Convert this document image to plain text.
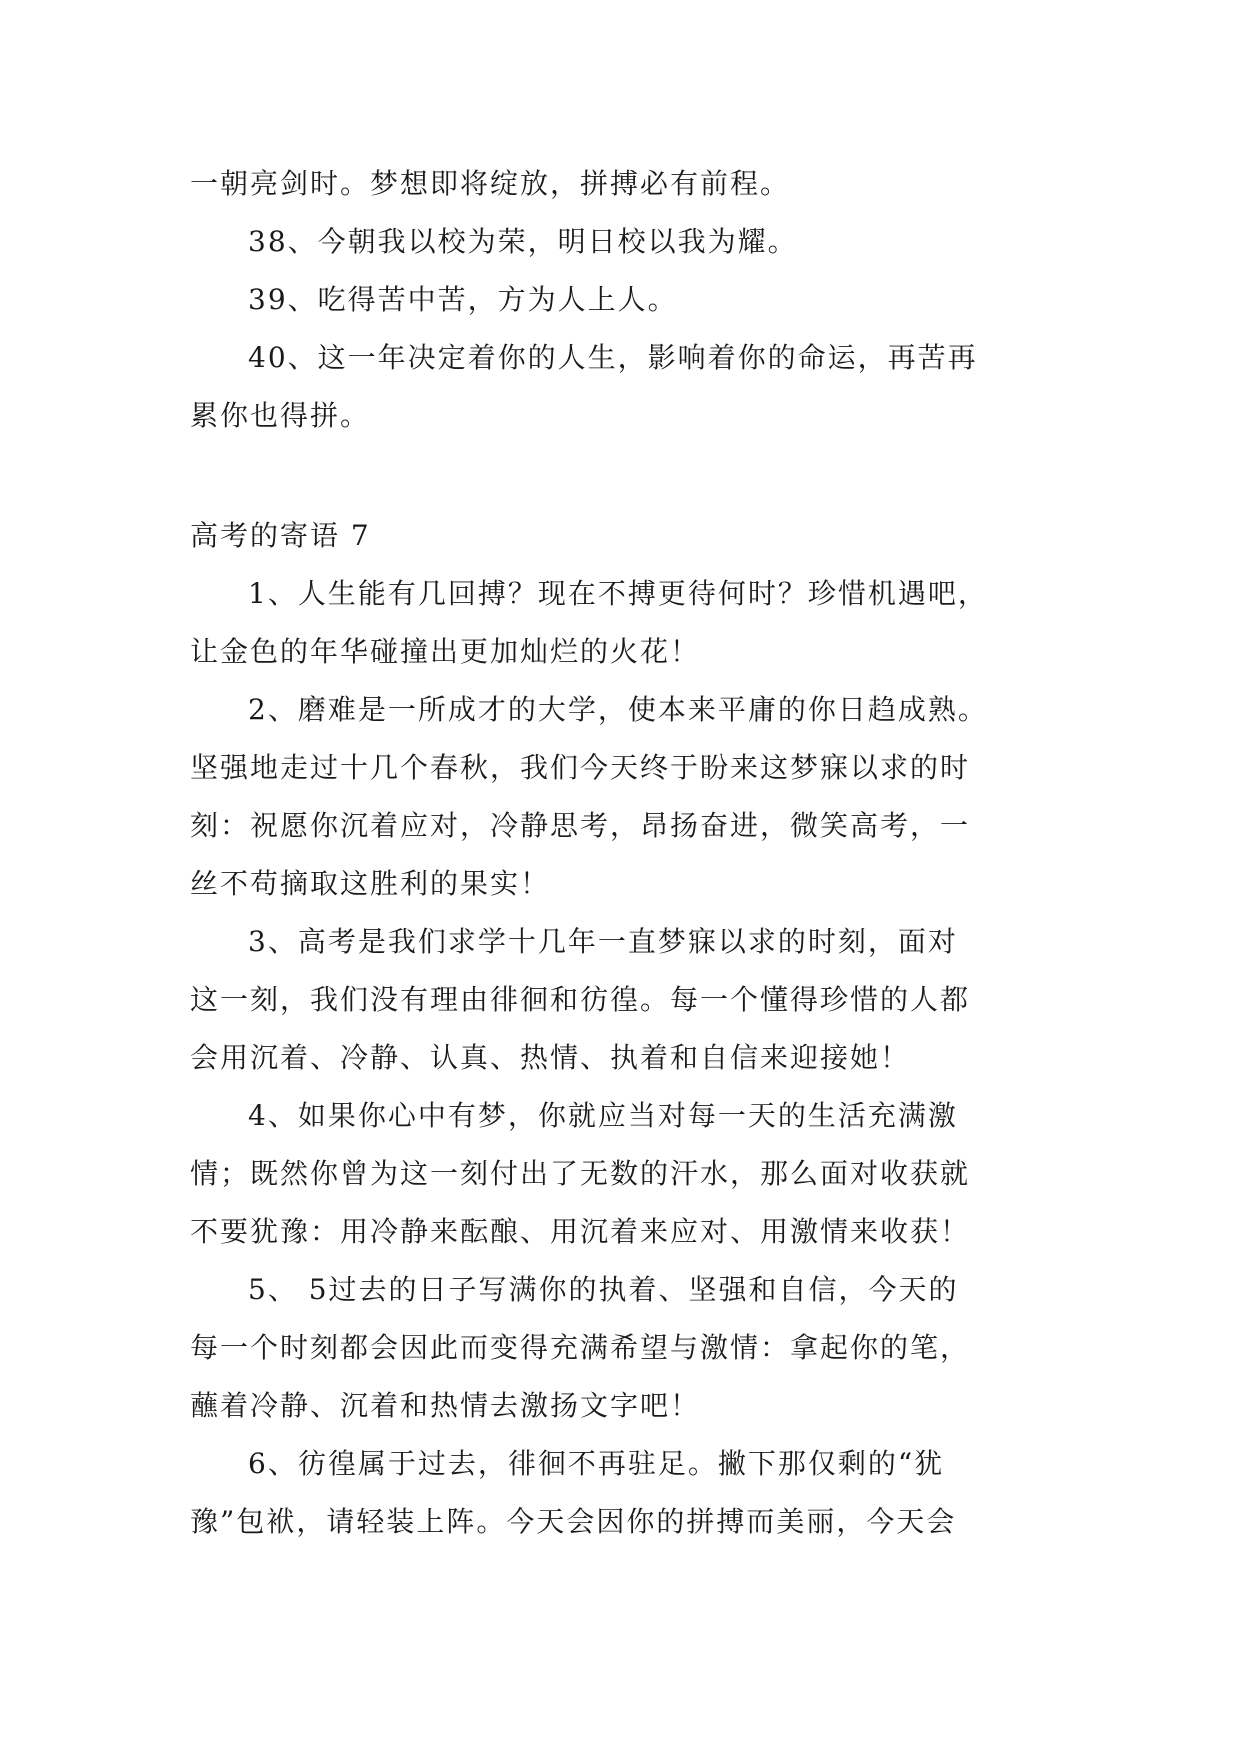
一朝亮剑时。梦想即将绽放，拼搏必有前程。
38、今朝我以校为荣，明日校以我为耀。
39、吃得苦中苦，方为人上人。
40、这一年决定着你的人生，影响着你的命运，再苦再
累你也得拼。
高考的寄语 7
1、人生能有几回搏？现在不搏更待何时？珍惜机遇吧，
让金色的年华碰撞出更加灿烂的火花！
2、磨难是一所成才的大学，使本来平庸的你日趋成熟。
坚强地走过十几个春秋，我们今天终于盼来这梦寐以求的时
刻：祝愿你沉着应对，冷静思考，昂扬奋进，微笑高考，一
丝不苟摘取这胜利的果实！
3、高考是我们求学十几年一直梦寐以求的时刻，面对
这一刻，我们没有理由徘徊和彷徨。每一个懂得珍惜的人都
会用沉着、冷静、认真、热情、执着和自信来迎接她！
4、如果你心中有梦，你就应当对每一天的生活充满激
情；既然你曾为这一刻付出了无数的汗水，那么面对收获就
不要犹豫：用冷静来酝酿、用沉着来应对、用激情来收获！
5、 5过去的日子写满你的执着、坚强和自信，今天的
每一个时刻都会因此而变得充满希望与激情：拿起你的笔，
蘸着冷静、沉着和热情去激扬文字吧！
6、彷徨属于过去，徘徊不再驻足。撇下那仅剩的“犹
豫”包袱，请轻装上阵。今天会因你的拼搏而美丽，今天会
